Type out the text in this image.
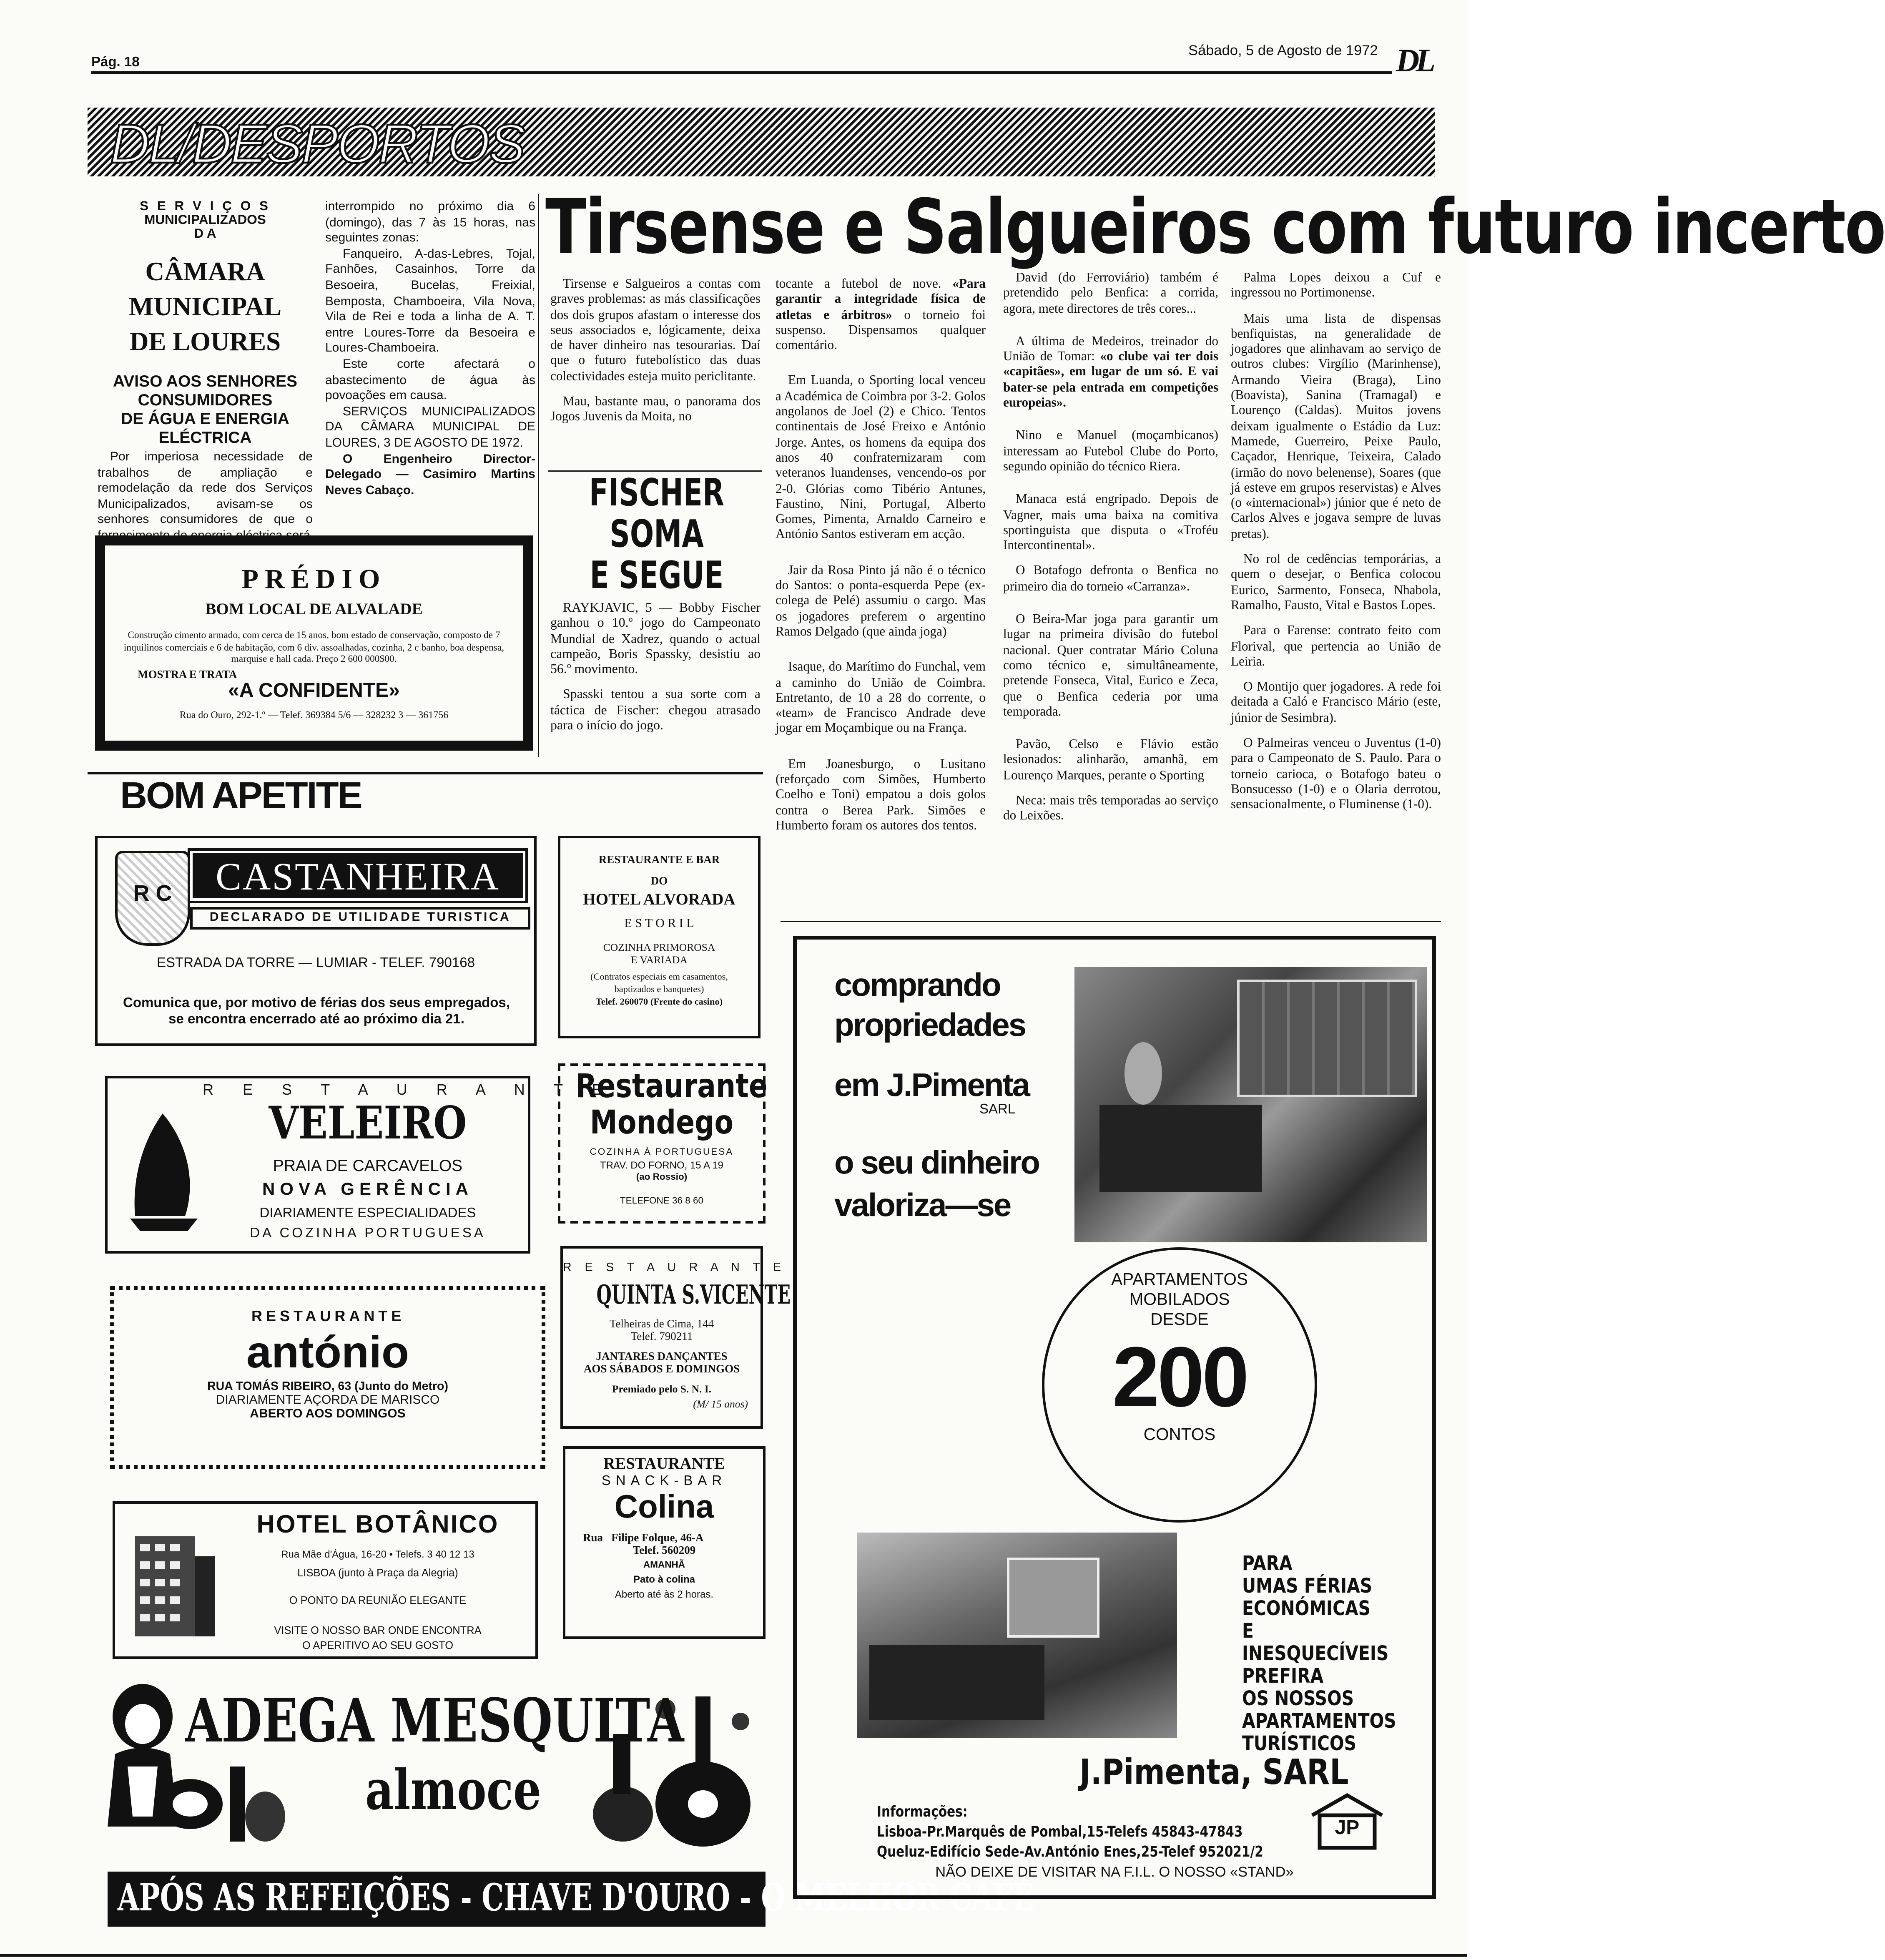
Pág. 18
Sábado, 5 de Agosto de 1972 DL
DL/DESPORTOS
S E R V I Ç O S
MUNICIPALIZADOS
D A
CÂMARA MUNICIPAL
DE LOURES
AVISO AOS SENHORES
CONSUMIDORES
DE ÁGUA E ENERGIA
ELÉCTRICA
Por imperiosa necessidade de trabalhos de ampliação e remodelação da rede dos Serviços Municipalizados, avisam-se os senhores consumidores de que o fornecimento de energia eléctrica será
interrompido no próximo dia 6 (domingo), das 7 às 15 horas, nas seguintes zonas:
Fanqueiro, A-das-Lebres, Tojal, Fanhões, Casainhos, Torre da Besoeira, Bucelas, Freixial, Bemposta, Chamboeira, Vila Nova, Vila de Rei e toda a linha de A. T. entre Loures-Torre da Besoeira e Loures-Chamboeira.
Este corte afectará o abastecimento de água às povoações em causa.
SERVIÇOS MUNICIPALIZADOS DA CÂMARA MUNICIPAL DE LOURES, 3 DE AGOSTO DE 1972.
O Engenheiro Director-Delegado — Casimiro Martins Neves Cabaço.
PRÉDIO
BOM LOCAL DE ALVALADE
Construção cimento armado, com cerca de 15 anos, bom estado de conservação, composto de 7 inquilinos comerciais e 6 de habitação, com 6 div. assoalhadas, cozinha, 2 c banho, boa despensa, marquise e hall cada. Preço 2 600 000$00.
MOSTRA E TRATA
«A CONFIDENTE»
Rua do Ouro, 292-1.º — Telef. 369384 5/6 — 328232 3 — 361756
Tirsense e Salgueiros com futuro incerto

Tirsense e Salgueiros a contas com graves problemas: as más classificações dos dois grupos afastam o interesse dos seus associados e, lógicamente, deixa de haver dinheiro nas tesourarias. Daí que o futuro futebolístico das duas colectividades esteja muito periclitante.

Mau, bastante mau, o panorama dos Jogos Juvenis da Moita, no

FISCHER
SOMA
E SEGUE

RAYKJAVIC, 5 — Bobby Fischer ganhou o 10.º jogo do Campeonato Mundial de Xadrez, quando o actual campeão, Boris Spassky, desistiu ao 56.º movimento.

Spasski tentou a sua sorte com a táctica de Fischer: chegou atrasado para o início do jogo.

tocante a futebol de nove. «Para garantir a integridade física de atletas e árbitros» o torneio foi suspenso. Dispensamos qualquer comentário.

Em Luanda, o Sporting local venceu a Académica de Coimbra por 3-2. Golos angolanos de Joel (2) e Chico. Tentos continentais de José Freixo e António Jorge. Antes, os homens da equipa dos anos 40 confraternizaram com veteranos luandenses, vencendo-os por 2-0. Glórias como Tibério Antunes, Faustino, Nini, Portugal, Alberto Gomes, Pimenta, Arnaldo Carneiro e António Santos estiveram em acção.

Jair da Rosa Pinto já não é o técnico do Santos: o ponta-esquerda Pepe (ex-colega de Pelé) assumiu o cargo. Mas os jogadores preferem o argentino Ramos Delgado (que ainda joga)

Isaque, do Marítimo do Funchal, vem a caminho do União de Coimbra. Entretanto, de 10 a 28 do corrente, o «team» de Francisco Andrade deve jogar em Moçambique ou na França.

Em Joanesburgo, o Lusitano (reforçado com Simões, Humberto Coelho e Toni) empatou a dois golos contra o Berea Park. Simões e Humberto foram os autores dos tentos.

David (do Ferroviário) também é pretendido pelo Benfica: a corrida, agora, mete directores de três cores...

A última de Medeiros, treinador do União de Tomar: «o clube vai ter dois «capitães», em lugar de um só. E vai bater-se pela entrada em competições europeias».

Nino e Manuel (moçambicanos) interessam ao Futebol Clube do Porto, segundo opinião do técnico Riera.

Manaca está engripado. Depois de Vagner, mais uma baixa na comitiva sportinguista que disputa o «Troféu Intercontinental».

O Botafogo defronta o Benfica no primeiro dia do torneio «Carranza».

O Beira-Mar joga para garantir um lugar na primeira divisão do futebol nacional. Quer contratar Mário Coluna como técnico e, simultâneamente, pretende Fonseca, Vital, Eurico e Zeca, que o Benfica cederia por uma temporada.

Pavão, Celso e Flávio estão lesionados: alinharão, amanhã, em Lourenço Marques, perante o Sporting

Neca: mais três temporadas ao serviço do Leixões.

Palma Lopes deixou a Cuf e ingressou no Portimonense.

Mais uma lista de dispensas benfiquistas, na generalidade de jogadores que alinhavam ao serviço de outros clubes: Virgílio (Marinhense), Armando Vieira (Braga), Lino (Boavista), Sanina (Tramagal) e Lourenço (Caldas). Muitos jovens deixam igualmente o Estádio da Luz: Mamede, Guerreiro, Peixe Paulo, Caçador, Henrique, Teixeira, Calado (irmão do novo belenense), Soares (que já esteve em grupos reservistas) e Alves (o «internacional») júnior que é neto de Carlos Alves e jogava sempre de luvas pretas).

No rol de cedências temporárias, a quem o desejar, o Benfica colocou Eurico, Sarmento, Fonseca, Nhabola, Ramalho, Fausto, Vital e Bastos Lopes.

Para o Farense: contrato feito com Florival, que pertencia ao União de Leiria.

O Montijo quer jogadores. A rede foi deitada a Caló e Francisco Mário (este, júnior de Sesimbra).

O Palmeiras venceu o Juventus (1-0) para o Campeonato de S. Paulo. Para o torneio carioca, o Botafogo bateu o Bonsucesso (1-0) e o Olaria derrotou, sensacionalmente, o Fluminense (1-0).

BOM APETITE
R C	CASTANHEIRA
DECLARADO DE UTILIDADE TURISTICA
ESTRADA DA TORRE — LUMIAR - TELEF. 790168
Comunica que, por motivo de férias dos seus empregados, se encontra encerrado até ao próximo dia 21.
RESTAURANTE E BAR
DO
HOTEL ALVORADA
E S T O R I L
COZINHA PRIMOROSA
E VARIADA
(Contratos especiais em casamentos, baptizados e banquetes)
Telef. 260070 (Frente do casino)
R E S T A U R A N T E
VELEIRO
PRAIA DE CARCAVELOS
NOVA GERÊNCIA
DIARIAMENTE ESPECIALIDADES
DA COZINHA PORTUGUESA
Restaurante
Mondego
COZINHA À PORTUGUESA
TRAV. DO FORNO, 15 A 19
(ao Rossio)
TELEFONE 36 8 60
RESTAURANTE
antónio
RUA TOMÁS RIBEIRO, 63 (Junto do Metro)
DIARIAMENTE AÇORDA DE MARISCO
ABERTO AOS DOMINGOS
R E S T A U R A N T E
QUINTA S.VICENTE
Telheiras de Cima, 144
Telef. 790211
JANTARES DANÇANTES
AOS SÁBADOS E DOMINGOS
Premiado pelo S. N. I.
(M/ 15 anos)
HOTEL BOTÂNICO
Rua Mãe d'Água, 16-20 • Telefs. 3 40 12 13
LISBOA (junto à Praça da Alegria)
O PONTO DA REUNIÃO ELEGANTE
VISITE O NOSSO BAR ONDE ENCONTRA
O APERITIVO AO SEU GOSTO
RESTAURANTE
SNACK-BAR
Colina
Rua Filipe Folque, 46-A
Telef. 560209
AMANHÃ
Pato à colina
Aberto até às 2 horas.
ADEGA MESQUITA
almoce
APÓS AS REFEIÇÕES - CHAVE D'OURO - O MELHOR CAFÉ
comprando
propriedades
em J.Pimenta
SARL
o seu dinheiro
valoriza—se
APARTAMENTOS
MOBILADOS
DESDE
200
CONTOS
PARA
UMAS FÉRIAS
ECONÓMICAS
E
INESQUECÍVEIS
PREFIRA
OS NOSSOS
APARTAMENTOS
TURÍSTICOS
J.Pimenta, SARL
Informações:
Lisboa-Pr.Marquês de Pombal,15-Telefs 45843-47843
Queluz-Edifício Sede-Av.António Enes,25-Telef 952021/2
JP
NÃO DEIXE DE VISITAR NA F.I.L. O NOSSO «STAND»
